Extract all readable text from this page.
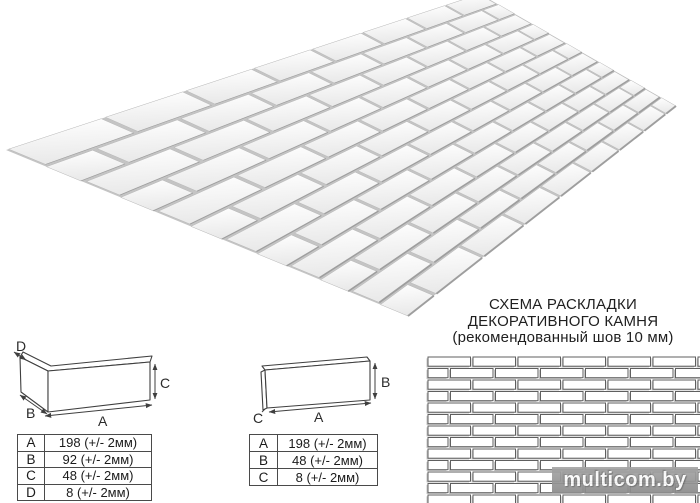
D
B
C
A
B
C	A
A	198 (+/- 2мм)
B	92 (+/- 2мм)
C	48 (+/- 2мм)
D	8 (+/- 2мм)
A	198 (+/- 2мм)
B	48 (+/- 2мм)
C	8 (+/- 2мм)
СХЕМА РАСКЛАДКИ
ДЕКОРАТИВНОГО КАМНЯ
(рекомендованный шов 10 мм)
multicom.by
